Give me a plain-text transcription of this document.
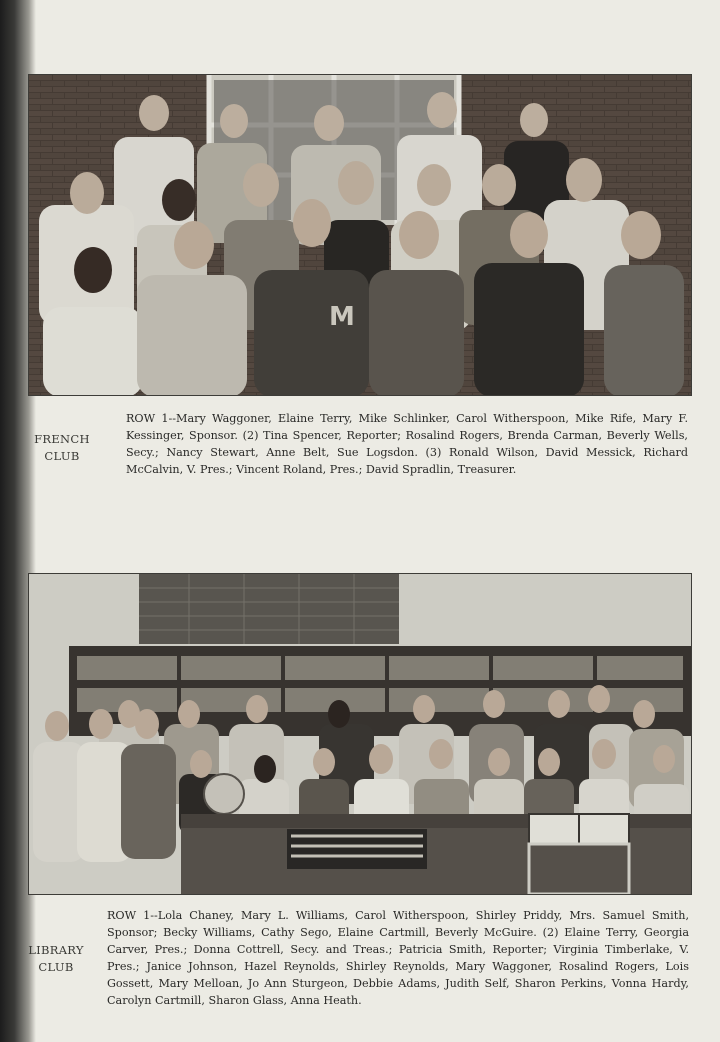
M
FRENCH
CLUB
ROW 1--Mary Waggoner, Elaine Terry, Mike Schlinker, Carol Witherspoon, Mike Rife, Mary F. Kessinger, Sponsor. (2) Tina Spencer, Reporter; Rosalind Rogers, Brenda Carman, Beverly Wells, Secy.; Nancy Stewart, Anne Belt, Sue Logsdon. (3) Ronald Wilson, David Messick, Richard McCalvin, V. Pres.; Vincent Roland, Pres.; David Spradlin, Treasurer.
LIBRARY
CLUB
ROW 1--Lola Chaney, Mary L. Williams, Carol Witherspoon, Shirley Priddy, Mrs. Samuel Smith, Sponsor; Becky Williams, Cathy Sego, Elaine Cartmill, Beverly McGuire. (2) Elaine Terry, Georgia Carver, Pres.; Donna Cottrell, Secy. and Treas.; Patricia Smith, Reporter; Virginia Timberlake, V. Pres.; Janice Johnson, Hazel Reynolds, Shirley Reynolds, Mary Waggoner, Rosalind Rogers, Lois Gossett, Mary Melloan, Jo Ann Sturgeon, Debbie Adams, Judith Self, Sharon Perkins, Vonna Hardy, Carolyn Cartmill, Sharon Glass, Anna Heath.
